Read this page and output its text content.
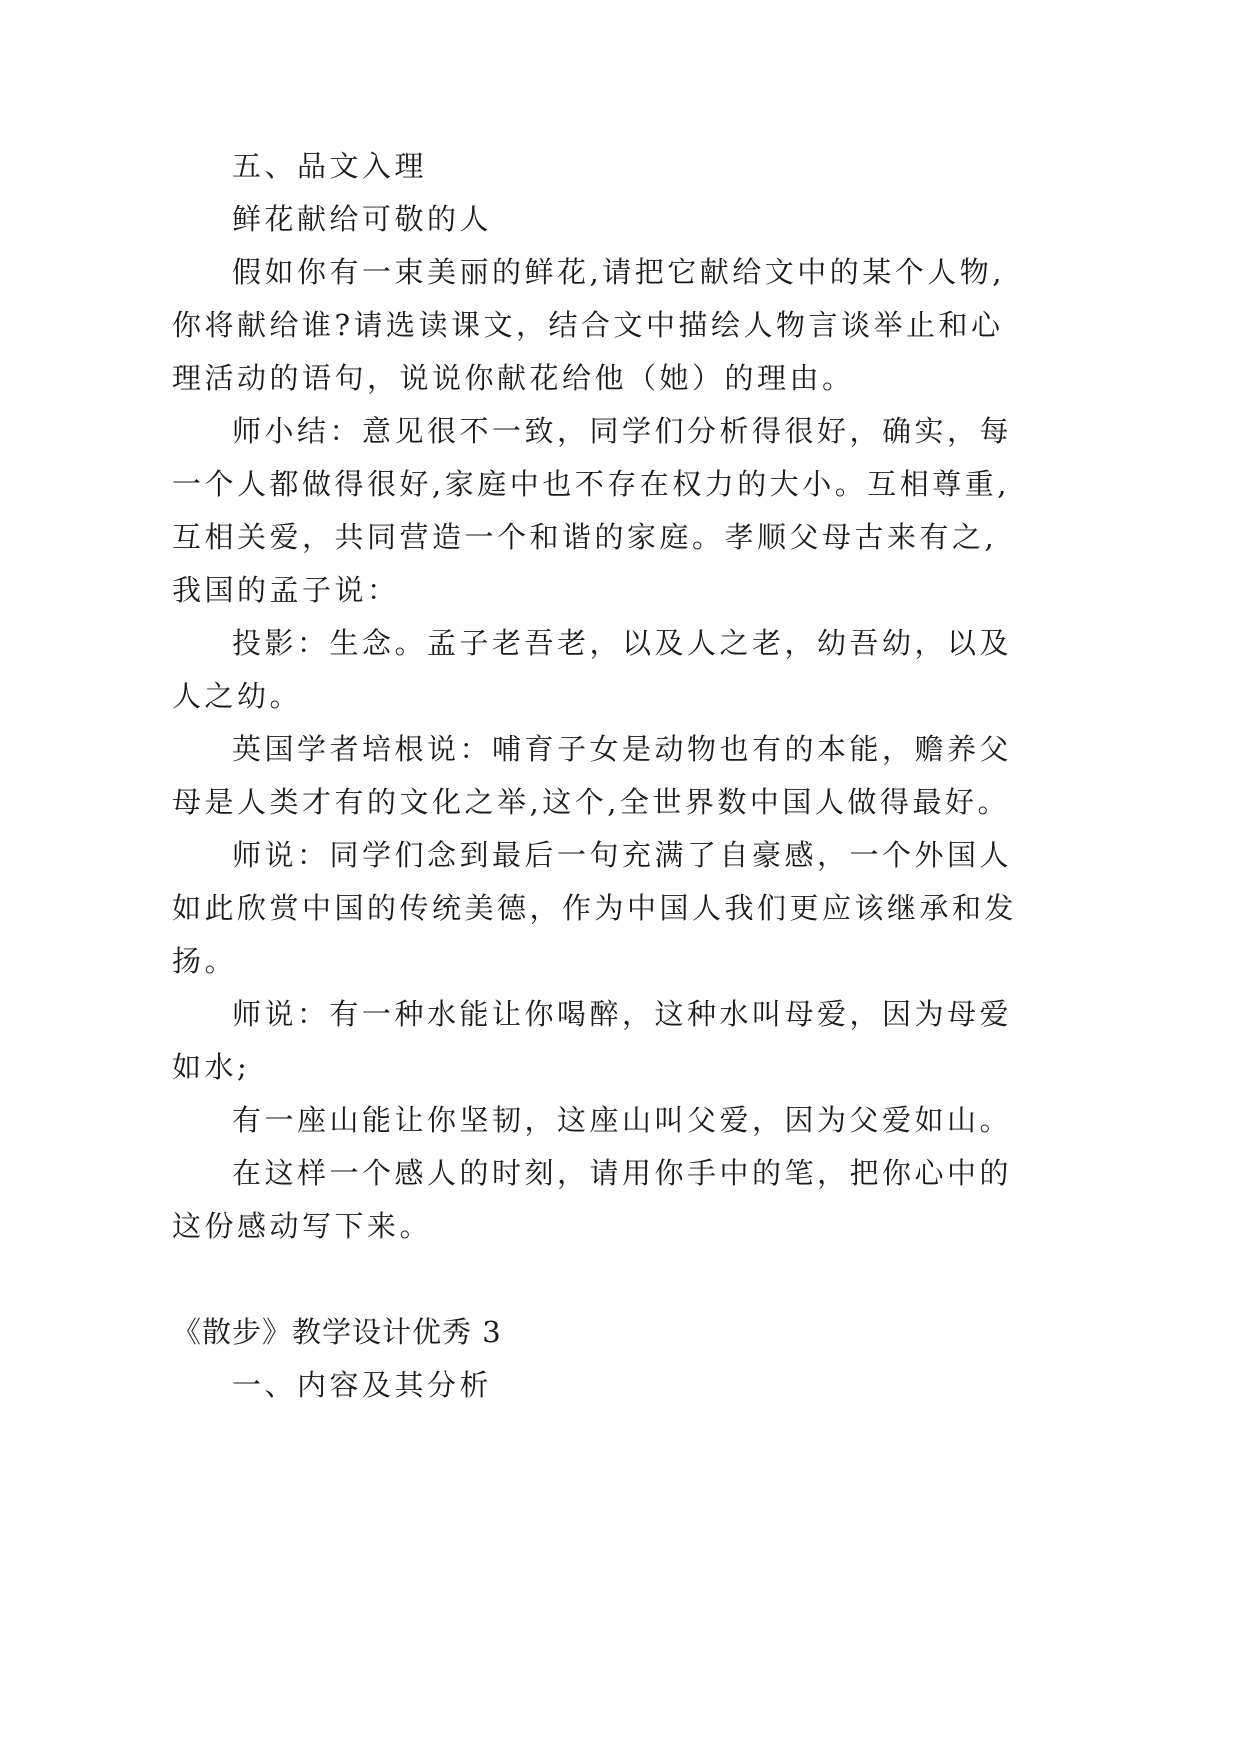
五、品文入理
鲜花献给可敬的人
假如你有一束美丽的鲜花,请把它献给文中的某个人物,
你将献给谁?请选读课文，结合文中描绘人物言谈举止和心
理活动的语句，说说你献花给他（她）的理由。
师小结：意见很不一致，同学们分析得很好，确实，每
一个人都做得很好,家庭中也不存在权力的大小。互相尊重,
互相关爱，共同营造一个和谐的家庭。孝顺父母古来有之,
我国的孟子说：
投影：生念。孟子老吾老，以及人之老，幼吾幼，以及
人之幼。
英国学者培根说：哺育子女是动物也有的本能，赡养父
母是人类才有的文化之举,这个,全世界数中国人做得最好。
师说：同学们念到最后一句充满了自豪感，一个外国人
如此欣赏中国的传统美德，作为中国人我们更应该继承和发
扬。
师说：有一种水能让你喝醉，这种水叫母爱，因为母爱
如水;
有一座山能让你坚韧，这座山叫父爱，因为父爱如山。
在这样一个感人的时刻，请用你手中的笔，把你心中的
这份感动写下来。
《散步》教学设计优秀 3
一、内容及其分析
